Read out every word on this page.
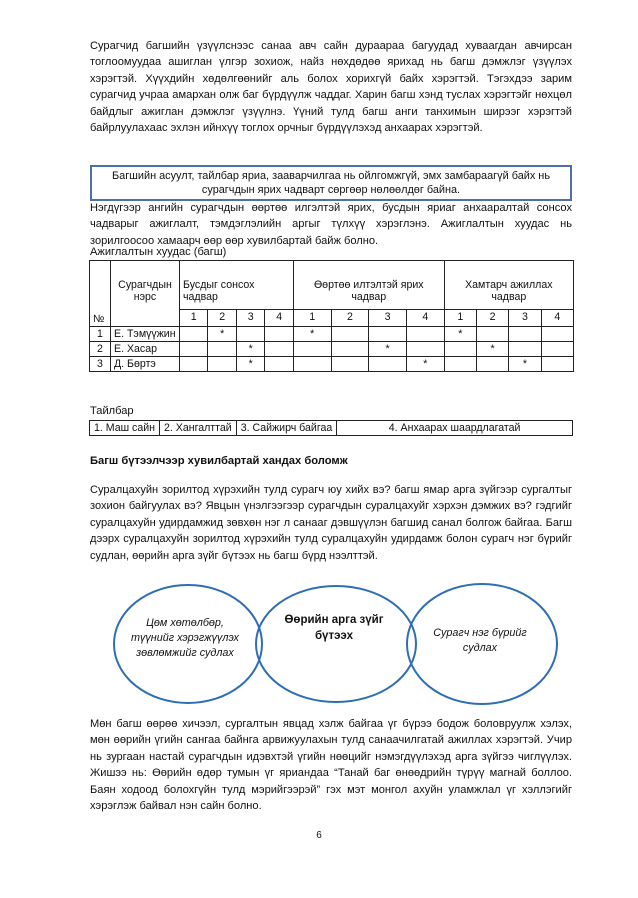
Сурагчид багшийн үзүүлснээс санаа авч сайн дураараа багуудад хуваагдан авчирсан тоглоомуудаа ашиглан үлгэр зохиож, найз нөхдөдөө ярихад нь багш дэмжлэг үзүүлэх хэрэгтэй. Хүүхдийн хөдөлгөөнийг аль болох хорихгүй байх хэрэгтэй. Тэгэхдээ зарим сурагчид учраа амархан олж баг бүрдүүлж чаддаг. Харин багш хэнд туслах хэрэгтэйг нөхцөл байдлыг ажиглан дэмжлэг үзүүлнэ. Үүний тулд багш анги танхимын ширээг хэрэгтэй байрлуулахаас эхлэн ийнхүү тоглох орчныг бүрдүүлэхэд анхаарах хэрэгтэй.

Багшийн асуулт, тайлбар яриа, зааварчилгаа нь ойлгомжгүй, эмх замбараагүй байх нь сурагчдын ярих чадварт сөргөөр нөлөөлдөг байна.

Нэгдүгээр ангийн сурагчдын өөртөө илгэлтэй ярих, бусдын яриаг анхааралтай сонсох чадварыг ажиглалт, тэмдэглэлийн аргыг түлхүү хэрэглэнэ. Ажиглалтын хуудас нь зорилгоосоо хамаарч өөр өөр хувилбартай байж болно.

Ажиглалтын хуудас (багш)
№	Сурагчдын нэрс	Бусдыг сонсох чадвар				Өөртөө илтэлтэй ярих чадвар				Хамтарч ажиллах чадвар			
		1	2	3	4	1	2	3	4	1	2	3	4
1	Е. Тэмүүжин		*			*				*			
2	Е. Хасар			*				*			*		
3	Д. Бөртэ			*					*			*	
Тайлбар
1. Маш сайн 2. Хангалттай 3. Сайжирч байгаа	4. Анхаарах шаардлагатай
Багш бүтээлчээр хувилбартай хандах боломж

Суралцахуйн зорилтод хүрэхийн тулд сурагч юу хийх вэ? багш ямар арга зүйгээр сургалтыг зохион байгуулах вэ? Явцын үнэлгээгээр сурагчдын суралцахуйг хэрхэн дэмжих вэ? гэдгийг суралцахуйн удирдамжид зөвхөн нэг л санааг дэвшүүлэн багшид санал болгож байгаа. Багш дээрх суралцахуйн зорилтод хүрэхийн тулд суралцахуйн удирдамж болон сурагч нэг бүрийг судлан, өөрийн арга зүйг бүтээх нь багш бүрд нээлттэй.

Цөм хөтөлбөр, түүнийг хэрэгжүүлэх зөвлөмжийг судлах
Өөрийн арга зүйг бүтээх	Сурагч нэг бүрийг судлах

Мөн багш өөрөө хичээл, сургалтын явцад хэлж байгаа үг бүрээ бодож боловруулж хэлэх, мөн өөрийн үгийн сангаа байнга арвижуулахын тулд санаачилгатай ажиллах хэрэгтэй. Учир нь зургаан настай сурагчдын идэвхтэй үгийн нөөцийг нэмэгдүүлэхэд арга зүйгээ чиглүүлэх. Жишээ нь: Өөрийн өдөр тумын үг яриандаа “Танай баг өнөөдрийн түрүү магнай боллоо. Баян ходоод болохгүйн тулд мэрийгээрэй” гэх мэт монгол ахуйн уламжлал үг хэллэгийг хэрэглэж байвал нэн сайн болно.

6
